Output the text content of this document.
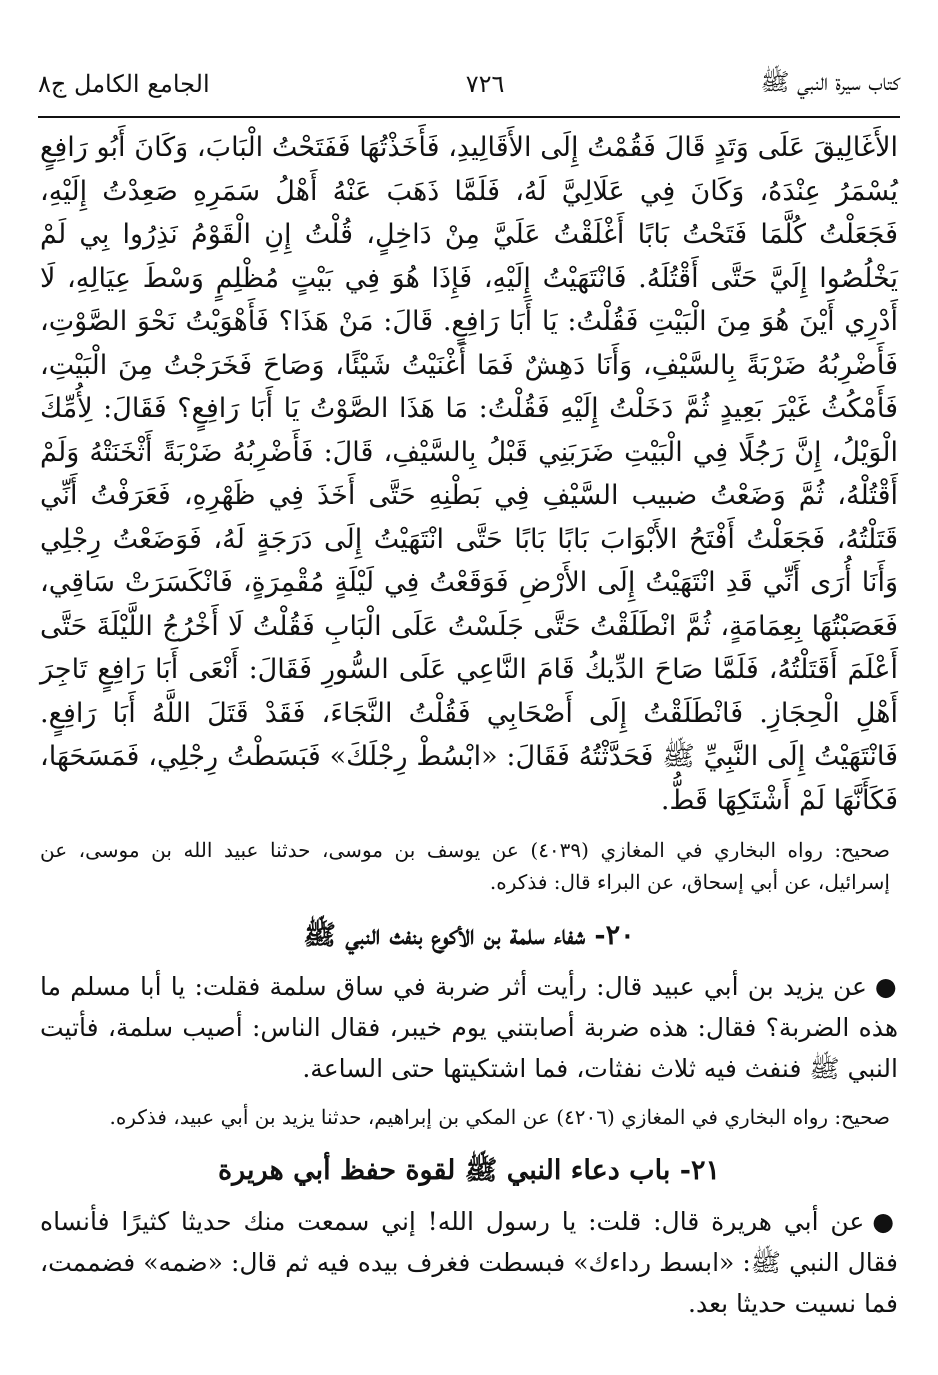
الجامع الكامل ج٨	٧٢٦	كتاب سيرة النبي ﷺ

الأَغَالِيقَ عَلَى وَتَدٍ قَالَ فَقُمْتُ إِلَى الأَقَالِيدِ، فَأَخَذْتُهَا فَفَتَحْتُ الْبَابَ، وَكَانَ أَبُو رَافِعٍ يُسْمَرُ عِنْدَهُ، وَكَانَ فِي عَلَالِيَّ لَهُ، فَلَمَّا ذَهَبَ عَنْهُ أَهْلُ سَمَرِهِ صَعِدْتُ إِلَيْهِ، فَجَعَلْتُ كُلَّمَا فَتَحْتُ بَابًا أَغْلَقْتُ عَلَيَّ مِنْ دَاخِلٍ، قُلْتُ إِنِ الْقَوْمُ نَذِرُوا بِي لَمْ يَخْلُصُوا إِلَيَّ حَتَّى أَقْتُلَهُ. فَانْتَهَيْتُ إِلَيْهِ، فَإِذَا هُوَ فِي بَيْتٍ مُظْلِمٍ وَسْطَ عِيَالِهِ، لَا أَدْرِي أَيْنَ هُوَ مِنَ الْبَيْتِ فَقُلْتُ: يَا أَبَا رَافِعٍ. قَالَ: مَنْ هَذَا؟ فَأَهْوَيْتُ نَحْوَ الصَّوْتِ، فَأَضْرِبُهُ ضَرْبَةً بِالسَّيْفِ، وَأَنَا دَهِشٌ فَمَا أَغْنَيْتُ شَيْئًا، وَصَاحَ فَخَرَجْتُ مِنَ الْبَيْتِ، فَأَمْكُثُ غَيْرَ بَعِيدٍ ثُمَّ دَخَلْتُ إِلَيْهِ فَقُلْتُ: مَا هَذَا الصَّوْتُ يَا أَبَا رَافِعٍ؟ فَقَالَ: لِأُمِّكَ الْوَيْلُ، إِنَّ رَجُلًا فِي الْبَيْتِ ضَرَبَنِي قَبْلُ بِالسَّيْفِ، قَالَ: فَأَضْرِبُهُ ضَرْبَةً أَثْخَنَتْهُ وَلَمْ أَقْتُلْهُ، ثُمَّ وَضَعْتُ ضبيب السَّيْفِ فِي بَطْنِهِ حَتَّى أَخَذَ فِي ظَهْرِهِ، فَعَرَفْتُ أَنِّي قَتَلْتُهُ، فَجَعَلْتُ أَفْتَحُ الأَبْوَابَ بَابًا بَابًا حَتَّى انْتَهَيْتُ إِلَى دَرَجَةٍ لَهُ، فَوَضَعْتُ رِجْلِي وَأَنَا أُرَى أَنِّي قَدِ انْتَهَيْتُ إِلَى الأَرْضِ فَوَقَعْتُ فِي لَيْلَةٍ مُقْمِرَةٍ، فَانْكَسَرَتْ سَاقِي، فَعَصَبْتُهَا بِعِمَامَةٍ، ثُمَّ انْطَلَقْتُ حَتَّى جَلَسْتُ عَلَى الْبَابِ فَقُلْتُ لَا أَخْرُجُ اللَّيْلَةَ حَتَّى أَعْلَمَ أَقَتَلْتُهُ، فَلَمَّا صَاحَ الدِّيكُ قَامَ النَّاعِي عَلَى السُّورِ فَقَالَ: أَنْعَى أَبَا رَافِعٍ تَاجِرَ أَهْلِ الْحِجَازِ. فَانْطَلَقْتُ إِلَى أَصْحَابِي فَقُلْتُ النَّجَاءَ، فَقَدْ قَتَلَ اللَّهُ أَبَا رَافِعٍ. فَانْتَهَيْتُ إِلَى النَّبِيِّ ﷺ فَحَدَّثْتُهُ فَقَالَ: «ابْسُطْ رِجْلَكَ» فَبَسَطْتُ رِجْلِي، فَمَسَحَهَا، فَكَأَنَّهَا لَمْ أَشْتَكِهَا قَطُّ.

صحيح: رواه البخاري في المغازي (٤٠٣٩) عن يوسف بن موسى، حدثنا عبيد الله بن موسى، عن إسرائيل، عن أبي إسحاق، عن البراء قال: فذكره.

٢٠- شفاء سلمة بن الأكوع بنفث النبي ﷺ

●عن يزيد بن أبي عبيد قال: رأيت أثر ضربة في ساق سلمة فقلت: يا أبا مسلم ما هذه الضربة؟ فقال: هذه ضربة أصابتني يوم خيبر، فقال الناس: أصيب سلمة، فأتيت النبي ﷺ فنفث فيه ثلاث نفثات، فما اشتكيتها حتى الساعة.

صحيح: رواه البخاري في المغازي (٤٢٠٦) عن المكي بن إبراهيم، حدثنا يزيد بن أبي عبيد، فذكره.

٢١- باب دعاء النبي ﷺ لقوة حفظ أبي هريرة

●عن أبي هريرة قال: قلت: يا رسول الله! إني سمعت منك حديثا كثيرًا فأنساه فقال النبي ﷺ: «ابسط رداءك» فبسطت فغرف بيده فيه ثم قال: «ضمه» فضممت، فما نسيت حديثا بعد.
